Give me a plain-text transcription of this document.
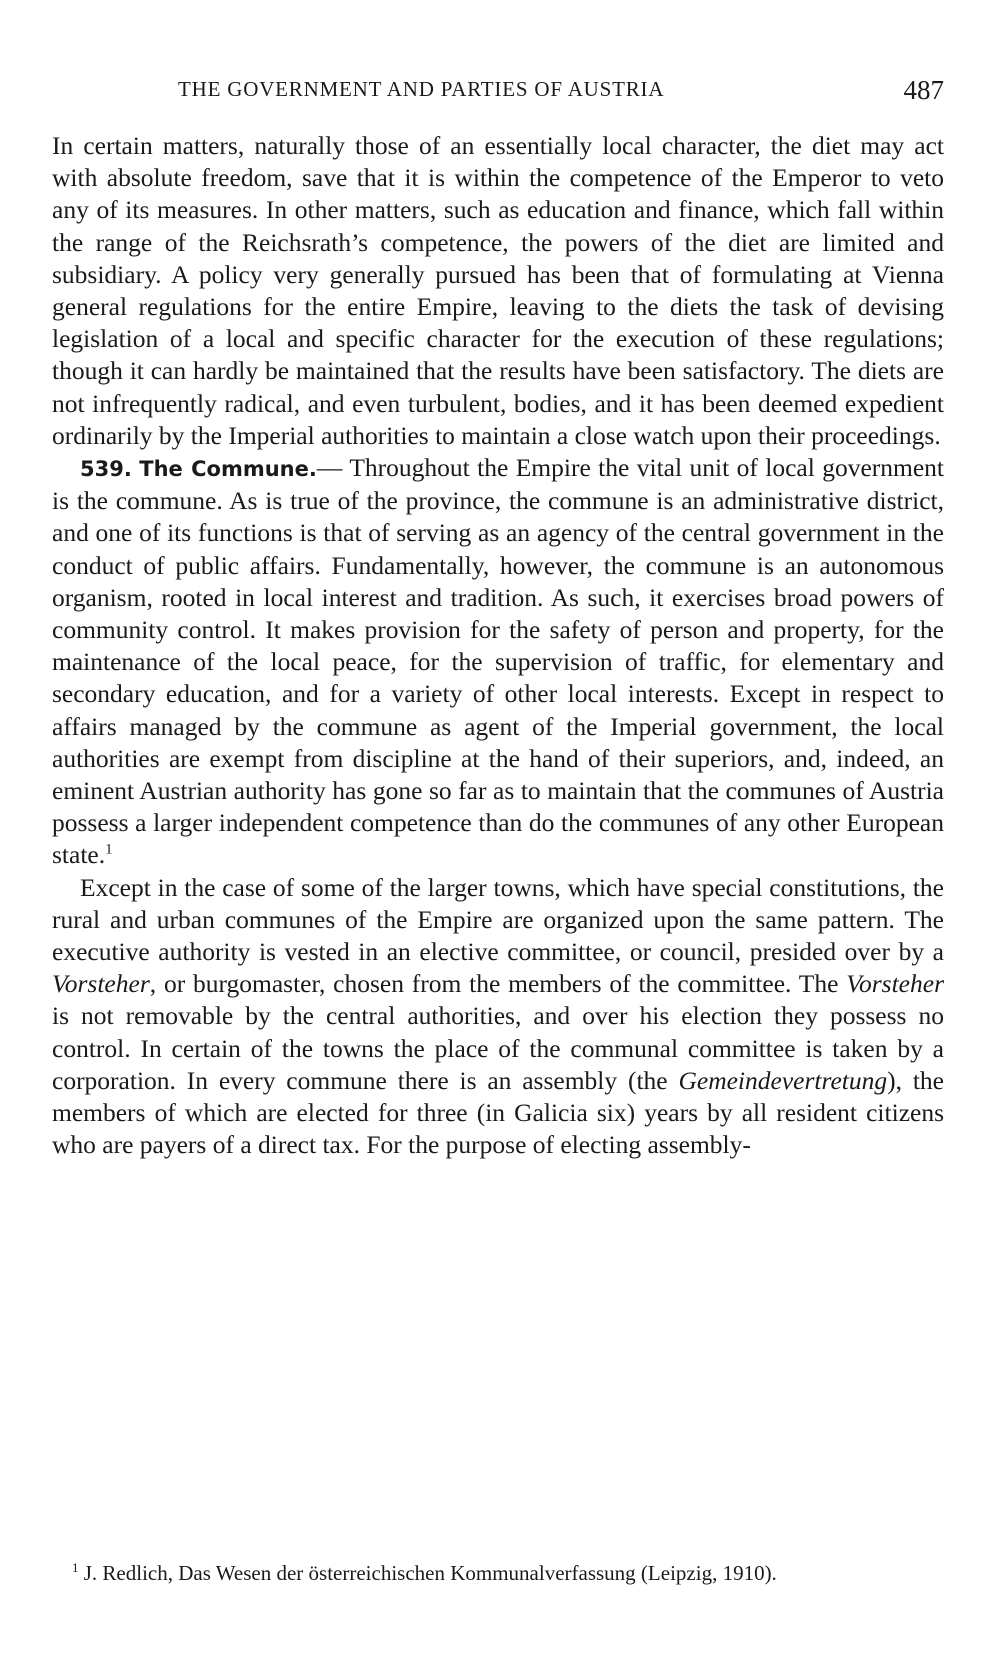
THE GOVERNMENT AND PARTIES OF AUSTRIA	487

In certain matters, naturally those of an essentially local character, the diet may act with absolute freedom, save that it is within the competence of the Emperor to veto any of its measures. In other matters, such as education and finance, which fall within the range of the Reichsrath’s competence, the powers of the diet are limited and subsidiary. A policy very generally pursued has been that of formulating at Vienna general regulations for the entire Empire, leaving to the diets the task of devising legislation of a local and specific character for the execution of these regulations; though it can hardly be maintained that the results have been satisfactory. The diets are not infrequently radical, and even turbulent, bodies, and it has been deemed expedient ordinarily by the Imperial authorities to maintain a close watch upon their proceedings.

539. The Commune.— Throughout the Empire the vital unit of local government is the commune. As is true of the province, the commune is an administrative district, and one of its functions is that of serving as an agency of the central government in the conduct of public affairs. Fundamentally, however, the commune is an autonomous organism, rooted in local interest and tradition. As such, it exercises broad powers of community control. It makes provision for the safety of person and property, for the maintenance of the local peace, for the supervision of traffic, for elementary and secondary education, and for a variety of other local interests. Except in respect to affairs managed by the commune as agent of the Imperial government, the local authorities are exempt from discipline at the hand of their superiors, and, indeed, an eminent Austrian authority has gone so far as to maintain that the communes of Austria possess a larger independent competence than do the communes of any other European state.$^1$

Except in the case of some of the larger towns, which have special constitutions, the rural and urban communes of the Empire are organized upon the same pattern. The executive authority is vested in an elective committee, or council, presided over by a Vorsteher, or burgomaster, chosen from the members of the committee. The Vorsteher is not removable by the central authorities, and over his election they possess no control. In certain of the towns the place of the communal committee is taken by a corporation. In every commune there is an assembly (the Gemeindevertretung), the members of which are elected for three (in Galicia six) years by all resident citizens who are payers of a direct tax. For the purpose of electing assembly-

$^1$ J. Redlich, Das Wesen der österreichischen Kommunalverfassung (Leipzig, 1910).
